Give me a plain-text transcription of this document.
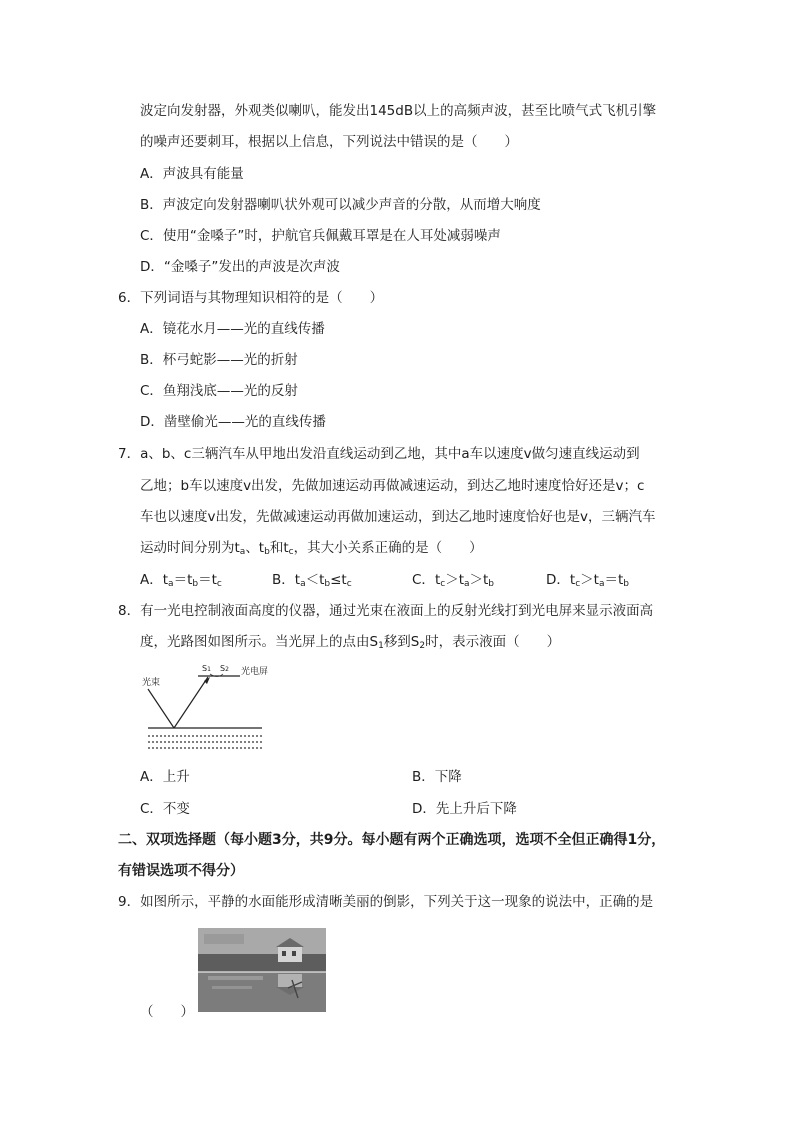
波定向发射器，外观类似喇叭，能发出145dB以上的高频声波，甚至比喷气式飞机引擎
的噪声还要刺耳，根据以上信息，下列说法中错误的是（　　）
A．声波具有能量
B．声波定向发射器喇叭状外观可以减少声音的分散，从而增大响度
C．使用“金嗓子”时，护航官兵佩戴耳罩是在人耳处减弱噪声
D．“金嗓子”发出的声波是次声波
6．下列词语与其物理知识相符的是（　　）
A．镜花水月——光的直线传播
B．杯弓蛇影——光的折射
C．鱼翔浅底——光的反射
D．凿壁偷光——光的直线传播
7．a、b、c三辆汽车从甲地出发沿直线运动到乙地，其中a车以速度v做匀速直线运动到
乙地；b车以速度v出发，先做加速运动再做减速运动，到达乙地时速度恰好还是v；c
车也以速度v出发，先做减速运动再做加速运动，到达乙地时速度恰好也是v，三辆汽车
运动时间分别为$t_a$、$t_b$和$t_c$，其大小关系正确的是（　　）
A．$t_a=t_b=t_c$	B．$t_a<t_b\le t_c$	C．$t_c>t_a>t_b$	D．$t_c>t_a=t_b$
8．有一光电控制液面高度的仪器，通过光束在液面上的反射光线打到光电屏来显示液面高
度，光路图如图所示。当光屏上的点由$S_1$移到$S_2$时，表示液面（　　）
S1 S2 光电屏
光束
A．上升	B．下降
C．不变	D．先上升后下降
二、双项选择题（每小题3分，共9分。每小题有两个正确选项，选项不全但正确得1分，
有错误选项不得分）
9．如图所示，平静的水面能形成清晰美丽的倒影，下列关于这一现象的说法中，正确的是
（　　）
